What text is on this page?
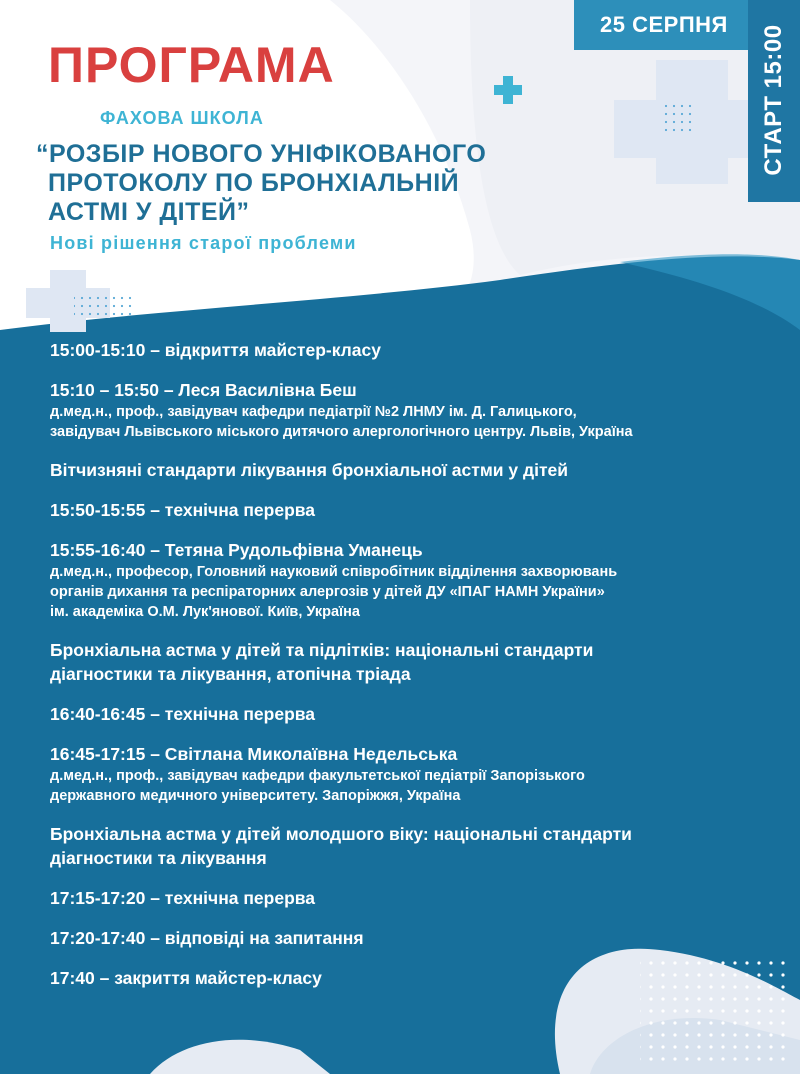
ПРОГРАМА

ФАХОВА ШКОЛА

“РОЗБІР НОВОГО УНІФІКОВАНОГО
ПРОТОКОЛУ ПО БРОНХІАЛЬНІЙ
АСТМІ У ДІТЕЙ”

Нові рішення старої проблеми

25 СЕРПНЯ СТАРТ 15:00

15:00-15:10 – відкриття майстер-класу

15:10 – 15:50 – Леся Василівна Беш

д.мед.н., проф., завідувач кафедри педіатрії №2 ЛНМУ ім. Д. Галицького,
завідувач Львівського міського дитячого алергологічного центру. Львів, Україна

Вітчизняні стандарти лікування бронхіальної астми у дітей

15:50-15:55 – технічна перерва

15:55-16:40 – Тетяна Рудольфівна Уманець

д.мед.н., професор, Головний науковий співробітник відділення захворювань
органів дихання та респіраторних алергозів у дітей ДУ «ІПАГ НАМН України»
ім. академіка О.М. Лук'янової. Київ, Україна

Бронхіальна астма у дітей та підлітків: національні стандарти
діагностики та лікування, атопічна тріада

16:40-16:45 – технічна перерва

16:45-17:15 – Світлана Миколаївна Недельська

д.мед.н., проф., завідувач кафедри факультетської педіатрії Запорізького
державного медичного університету. Запоріжжя, Україна

Бронхіальна астма у дітей молодшого віку: національні стандарти
діагностики та лікування

17:15-17:20 – технічна перерва

17:20-17:40 – відповіді на запитання

17:40 – закриття майстер-класу
